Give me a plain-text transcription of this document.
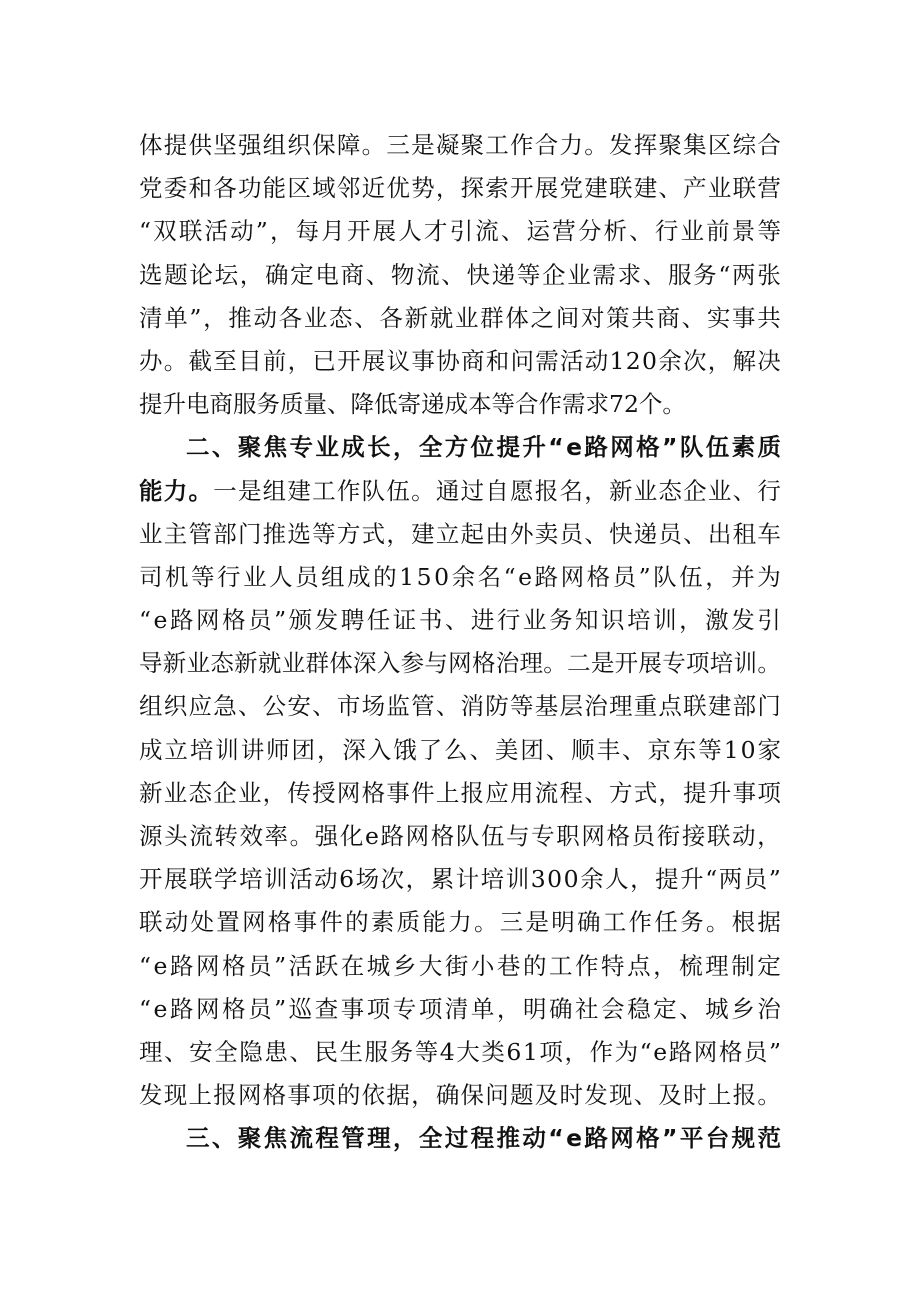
体 提 供 坚 强 组 织 保 障 。 三 是 凝 聚 工 作 合 力 。 发 挥 聚 集 区 综 合
党 委 和 各 功 能 区 域 邻 近 优 势 ， 探 索 开 展 党 建 联 建 、 产 业 联 营
“ 双 联 活 动 ” ， 每 月 开 展 人 才 引 流 、 运 营 分 析 、 行 业 前 景 等
选 题 论 坛 ， 确 定 电 商 、 物 流 、 快 递 等 企 业 需 求 、 服 务 “ 两 张
清 单 ” ， 推 动 各 业 态 、 各 新 就 业 群 体 之 间 对 策 共 商 、 实 事 共
办 。 截 至 目 前 ， 已 开 展 议 事 协 商 和 问 需 活 动 1 2 0 余 次 ， 解 决
提 升 电 商 服 务 质 量 、 降 低 寄 递 成 本 等 合 作 需 求 7 2 个 。
二 、 聚 焦 专 业 成 长 ， 全 方 位 提 升 “ e 路 网 格 ” 队 伍 素 质
能 力 。 一 是 组 建 工 作 队 伍 。 通 过 自 愿 报 名 ， 新 业 态 企 业 、 行
业 主 管 部 门 推 选 等 方 式 ， 建 立 起 由 外 卖 员 、 快 递 员 、 出 租 车
司 机 等 行 业 人 员 组 成 的 1 5 0 余 名 “ e 路 网 格 员 ” 队 伍 ， 并 为
“ e 路 网 格 员 ” 颁 发 聘 任 证 书 、 进 行 业 务 知 识 培 训 ， 激 发 引
导 新 业 态 新 就 业 群 体 深 入 参 与 网 格 治 理 。 二 是 开 展 专 项 培 训 。
组 织 应 急 、 公 安 、 市 场 监 管 、 消 防 等 基 层 治 理 重 点 联 建 部 门
成 立 培 训 讲 师 团 ， 深 入 饿 了 么 、 美 团 、 顺 丰 、 京 东 等 1 0 家
新 业 态 企 业 ， 传 授 网 格 事 件 上 报 应 用 流 程 、 方 式 ， 提 升 事 项
源 头 流 转 效 率 。 强 化 e 路 网 格 队 伍 与 专 职 网 格 员 衔 接 联 动 ，
开 展 联 学 培 训 活 动 6 场 次 ， 累 计 培 训 3 0 0 余 人 ， 提 升 “ 两 员 ”
联 动 处 置 网 格 事 件 的 素 质 能 力 。 三 是 明 确 工 作 任 务 。 根 据
“ e 路 网 格 员 ” 活 跃 在 城 乡 大 街 小 巷 的 工 作 特 点 ， 梳 理 制 定
“ e 路 网 格 员 ” 巡 查 事 项 专 项 清 单 ， 明 确 社 会 稳 定 、 城 乡 治
理 、 安 全 隐 患 、 民 生 服 务 等 4 大 类 6 1 项 ， 作 为 “ e 路 网 格 员 ”
发 现 上 报 网 格 事 项 的 依 据 ， 确 保 问 题 及 时 发 现 、 及 时 上 报 。
三 、 聚 焦 流 程 管 理 ， 全 过 程 推 动 “ e 路 网 格 ” 平 台 规 范
